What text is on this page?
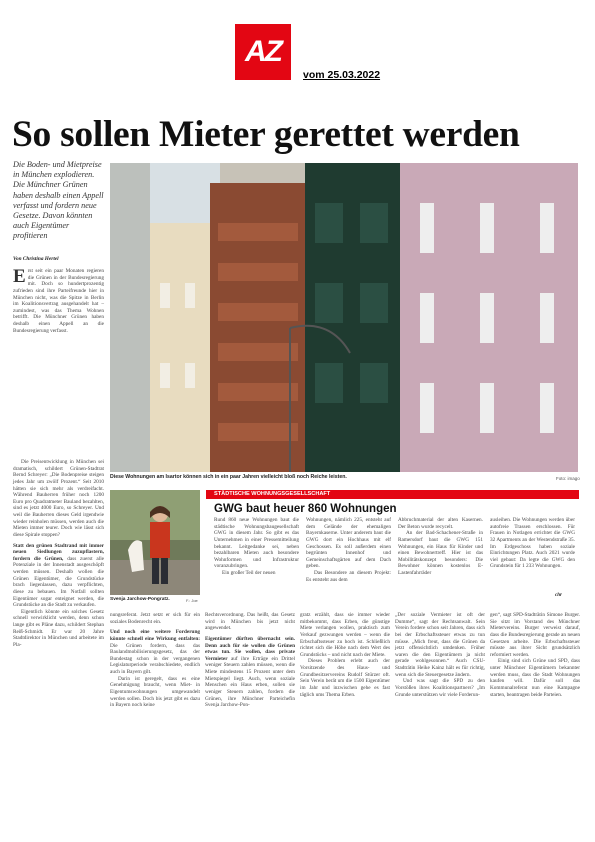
AZ
vom 25.03.2022
So sollen Mieter gerettet werden
Die Boden- und Mietpreise in München explodieren. Die Münchner Grünen haben deshalb einen Appell verfasst und fordern neue Gesetze. Davon könnten auch Eigentümer profitieren
Von Christina Hertel
E rst seit ein paar Monaten regieren die Grünen in der Bundesregierung mit. Doch so hundertprozentig zufrieden sind ihre Parteifreunde hier in München nicht, was die Spitze in Berlin im Koalitionsvertrag ausgehandelt hat – zumindest, was das Thema Wohnen betrifft. Die Münchner Grünen haben deshalb einen Appell an die Bundesregierung verfasst.

Die Preisentwicklung in München sei dramatisch, schildert Grünen-Stadtrat Bernd Schreyer: „Die Bodenpreise steigen jedes Jahr um zwölf Prozent.“ Seit 2010 hätten sie sich mehr als verdreifacht. Während Bauherren früher noch 1200 Euro pro Quadratmeter Bauland bezahlten, sind es jetzt 4000 Euro, so Schreyer. Und weil die Bauherren dieses Geld irgendwie wieder reinholen müssen, werden auch die Mieten immer teurer. Doch wie lässt sich diese Spirale stoppen?

Statt den grünen Stadtrand mit immer neuen Siedlungen zuzupflastern, fordern die Grünen, dass zuerst alle Potenziale in der Innenstadt ausgeschöpft werden müssen. Deshalb wollen die Grünen Eigentümer, die Grundstücke brach liegenlassen, dazu verpflichten, diese zu bebauen. Im Notfall sollten Eigentümer sogar enteignet werden, die Grundstücke an die Stadt zu verkaufen.

Eigentlich könnte ein solches Gesetz schnell verwirklicht werden, denn schon lange gibt es Pläne dazu, schildert Stephan Reiß-Schmidt. Er war 20 Jahre Stadtdirektor in München und arbeitete im Pla-

Diese Wohnungen am Isartor können sich in ein paar Jahren vielleicht bloß noch Reiche leisten.	Foto: imago
STÄDTISCHE WOHNUNGSGESELLSCHAFT
GWG baut heuer 860 Wohnungen
Svenja Jarchow-Pongratz.	F.: Joe

Rund 860 neue Wohnungen baut die städtische Wohnungsbaugesellschaft GWG in diesem Jahr. So gibt es das Unternehmen in einer Pressemitteilung bekannt. Leitgedanke sei, neben bezahlbaren Mieten auch besondere Wohnformen und Infrastruktur voranzubringen.

Ein großer Teil der neuen

Wohnungen, nämlich 225, entsteht auf dem Gelände der ehemaligen Bayernkaserne. Unter anderem baut die GWG dort ein Hochhaus mit elf Geschossen. Es soll außerdem einen begrünten Innenhof und Gemeinschaftsgärten auf dem Dach geben.

Das Besondere an diesem Projekt: Es entsteht aus dem

Abbruchmaterial der alten Kasernen. Der Beton wurde recycelt.

An der Bad-Schachener-Straße in Ramersdorf baut die GWG 151 Wohnungen, ein Haus für Kinder und einen Bewohnertreff. Hier ist das Mobilitätskonzept besonders: Die Bewohner können kostenlos E-Lastenfahrräder

ausleihen. Die Wohnungen werden über autofreie Trassen erschlossen. Für Frauen in Notlagen errichtet die GWG 32 Apartments an der Westendstraße 35. Im Erdgeschoss haben soziale Einrichtungen Platz. Auch 2021 wurde viel gebaut: Da legte die GWG den Grundstein für 1 233 Wohnungen.

chr

nungsreferat. Jetzt setzt er sich für ein soziales Bodenrecht ein.

Und noch eine weitere Forderung könnte schnell eine Wirkung entfalten: Die Grünen fordern, dass das Baulandmobilisierungsgesetz, das der Bundestag schon in der vergangenen Legislaturperiode verabschiedete, endlich auch in Bayern gilt.

Darin ist geregelt, dass es eine Genehmigung braucht, wenn Miet- in Eigentumswohnungen umgewandelt werden sollen. Doch bis jetzt gibt es dazu in Bayern noch keine

Rechtsverordnung. Das heißt, das Gesetz wird in München bis jetzt nicht angewendet.

Eigentümer dürften übernacht sein. Denn auch für sie wollen die Grünen etwas tun. Sie wollen, dass private Vermieter auf ihre Erträge ein Drittel weniger Steuern zahlen müssen, wenn die Miete mindestens 15 Prozent unter dem Mietspiegel liegt. Auch, wenn soziale Menschen ein Haus erben, sollen sie weniger Steuern zahlen, fordern die Grünen, ihre Münchner Parteichefin Svenja Jarchow-Pon-

gratz erzählt, dass sie immer wieder mitbekommt, dass Erben, die günstige Miete verlangen wollen, praktisch zum Verkauf gezwungen werden – wenn die Erbschaftssteuer zu hoch ist. Schließlich richtet sich die Höhe nach dem Wert des Grundstücks – und nicht nach der Miete.

Dieses Problem erlebt auch der Vorsitzende des Haus- und Grundbesitzervereins Rudolf Stürzer oft. Sein Verein berät um die 1500 Eigentümer im Jahr und inzwischen gehe es fast täglich ums Thema Erben.

„Der soziale Vermieter ist oft der Dumme“, sagt der Rechtsanwalt. Sein Verein fordere schon seit Jahren, dass sich bei der Erbschaftssteuer etwas zu tun müsse. „Mich freut, dass die Grünen da jetzt offensichtlich umdenken. Früher waren die den Eigentümern ja nicht gerade wohlgesonnen.“ Auch CSU-Stadträtin Heike Kainz hält es für richtig, wenn sich die Steuergesetze ändern.

Und was sagt die SPD zu den Vorstößen ihres Koalitionspartners? „Im Grunde unterstützen wir viele Forderun-

gen“, sagt SPD-Stadträtin Simone Burger. Sie sitzt im Vorstand des Münchner Mietervereins. Burger verweist darauf, dass die Bundesregierung gerade an neuen Gesetzen arbeite. Die Erbschaftssteuer müsste aus ihrer Sicht grundsätzlich reformiert werden.

Einig sind sich Grüne und SPD, dass unter Münchner Eigentümern bekannter werden muss, dass die Stadt Wohnungen kaufen will. Dafür soll das Kommunalreferat nun eine Kampagne starten, beantragen beide Parteien.
